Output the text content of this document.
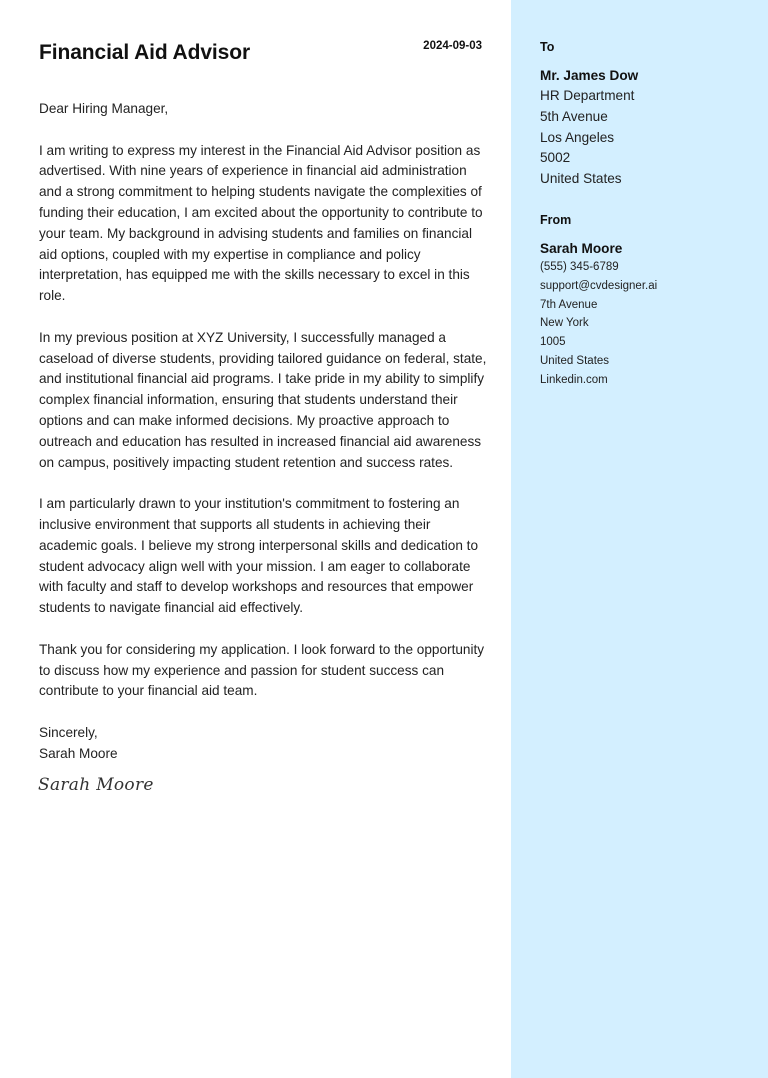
Financial Aid Advisor	2024-09-03

Dear Hiring Manager,

I am writing to express my interest in the Financial Aid Advisor position as advertised. With nine years of experience in financial aid administration and a strong commitment to helping students navigate the complexities of funding their education, I am excited about the opportunity to contribute to your team. My background in advising students and families on financial aid options, coupled with my expertise in compliance and policy interpretation, has equipped me with the skills necessary to excel in this role.

In my previous position at XYZ University, I successfully managed a caseload of diverse students, providing tailored guidance on federal, state, and institutional financial aid programs. I take pride in my ability to simplify complex financial information, ensuring that students understand their options and can make informed decisions. My proactive approach to outreach and education has resulted in increased financial aid awareness on campus, positively impacting student retention and success rates.

I am particularly drawn to your institution's commitment to fostering an inclusive environment that supports all students in achieving their academic goals. I believe my strong interpersonal skills and dedication to student advocacy align well with your mission. I am eager to collaborate with faculty and staff to develop workshops and resources that empower students to navigate financial aid effectively.

Thank you for considering my application. I look forward to the opportunity to discuss how my experience and passion for student success can contribute to your financial aid team.

Sincerely,

Sarah Moore

Sarah Moore
To
Mr. James Dow
HR Department
5th Avenue
Los Angeles
5002
United States
From
Sarah Moore
(555) 345-6789
support@cvdesigner.ai
7th Avenue
New York
1005
United States
Linkedin.com
